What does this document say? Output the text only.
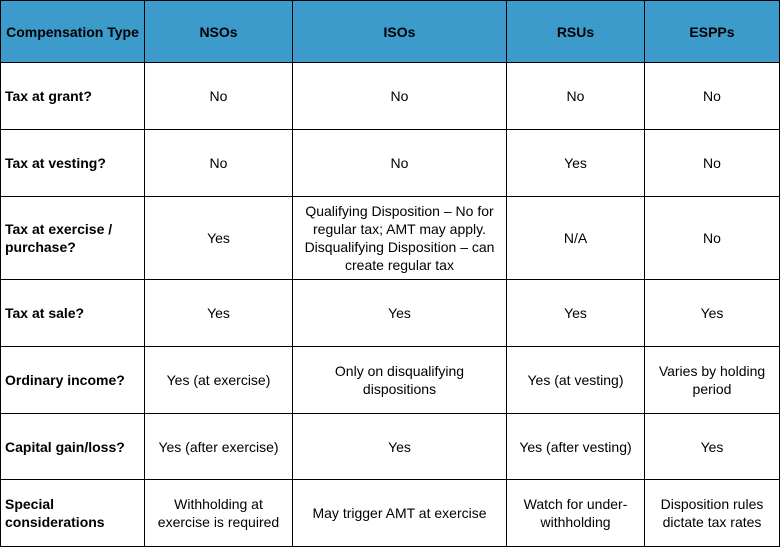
Compensation Type	NSOs	ISOs	RSUs	ESPPs
Tax at grant?	No	No	No	No
Tax at vesting?	No	No	Yes	No
Tax at exercise / purchase?	Yes	Qualifying Disposition – No for regular tax; AMT may apply. Disqualifying Disposition – can create regular tax	N/A	No
Tax at sale?	Yes	Yes	Yes	Yes
Ordinary income?	Yes (at exercise)	Only on disqualifying dispositions	Yes (at vesting)	Varies by holding period
Capital gain/loss?	Yes (after exercise)	Yes	Yes (after vesting)	Yes
Special considerations	Withholding at exercise is required	May trigger AMT at exercise	Watch for under-withholding	Disposition rules dictate tax rates
